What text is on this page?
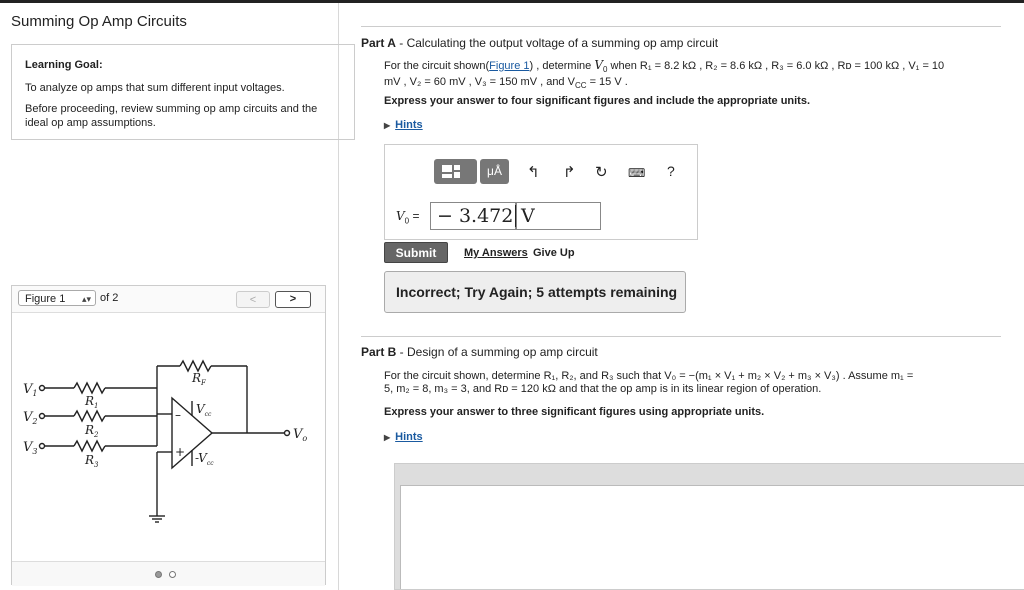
Summing Op Amp Circuits
Learning Goal:
To analyze op amps that sum different input voltages.
Before proceeding, review summing op amp circuits and the ideal op amp assumptions.
Figure 1 ▴▾ of 2	<	>
$V_1$
$V_2$
$V_3$
$R_1$
$R_2$
$R_3$
$R_F$
$V_{cc}$
$-V_{cc}$
$V_o$
–
+
Part A - Calculating the output voltage of a summing op amp circuit
For the circuit shown(Figure 1) , determine $V_0$ when R₁ = 8.2 kΩ , R₂ = 8.6 kΩ , R₃ = 6.0 kΩ , Rᴅ = 100 kΩ , V₁ = 10
mV , V₂ = 60 mV , V₃ = 150 mV , and $V_{CC} = 15$ V .
Express your answer to four significant figures and include the appropriate units.
▶ Hints
μÅ	↰ ↱ ↻ ⌨ ?
$V_0$ = − 3.472 V
Submit	My Answers Give Up
Incorrect; Try Again; 5 attempts remaining
Part B - Design of a summing op amp circuit
For the circuit shown, determine R₁, R₂, and R₃ such that V₀ = −(m₁ × V₁ + m₂ × V₂ + m₃ × V₃) . Assume m₁ =
5, m₂ = 8, m₃ = 3, and Rᴅ = 120 kΩ and that the op amp is in its linear region of operation.
Express your answer to three significant figures using appropriate units.
▶ Hints
